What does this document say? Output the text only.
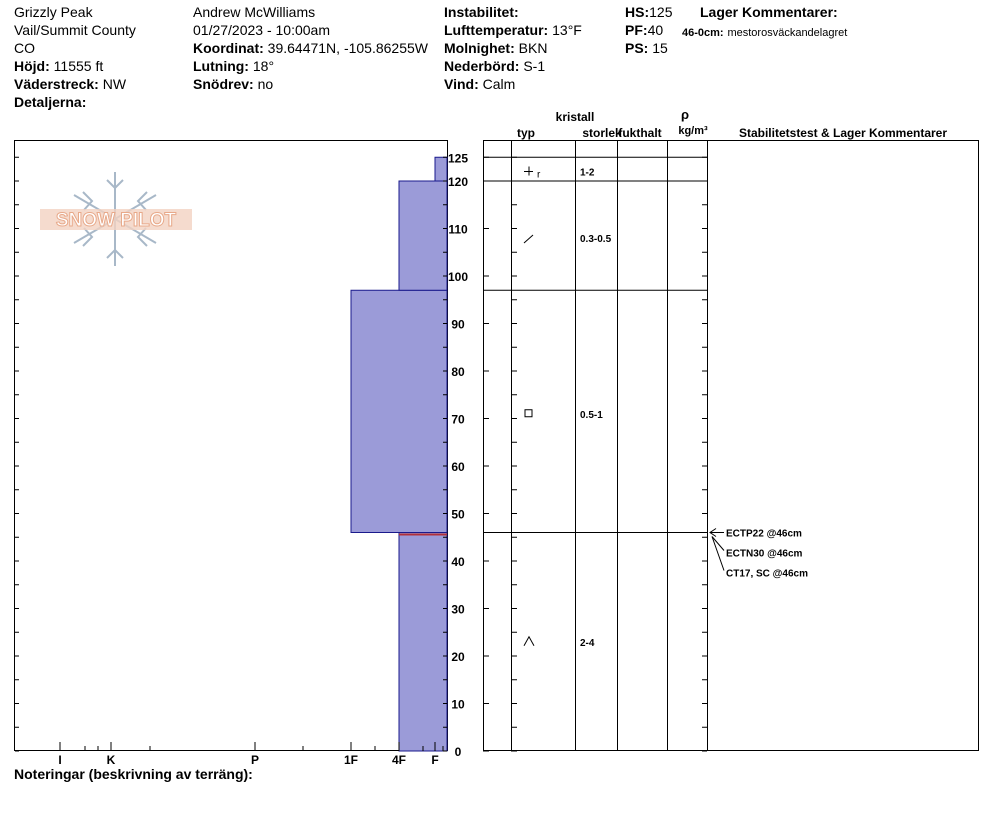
Grizzly Peak
Vail/Summit County
CO
Höjd: 11555 ft
Väderstreck: NW
Detaljerna:
Andrew McWilliams
01/27/2023 - 10:00am
Koordinat: 39.64471N, -105.86255W
Lutning: 18°
Snödrev: no
Instabilitet:
Lufttemperatur: 13°F
Molnighet: BKN
Nederbörd: S-1
Vind: Calm
HS:125
PF:40
PS: 15
Lager Kommentarer:
46-0cm: mestorosväckandelagret
SNOW PILOT
0
10
20
30
40
50
60
70
80
90
100
110
120
125
I	K	P	1F	4F F
r	1-2
0.3-0.5
0.5-1
2-4
ECTP22 @46cm
ECTN30 @46cm
CT17, SC @46cm
typ
kristall
storlek
fukthalt
ρ
kg/m³	Stabilitetstest & Lager Kommentarer
Noteringar (beskrivning av terräng):
